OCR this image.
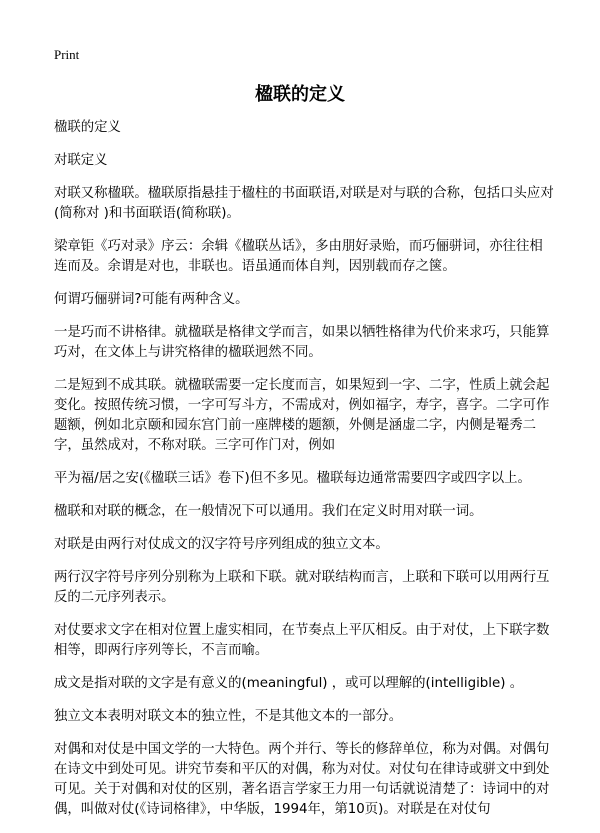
Print
楹联的定义

楹联的定义

对联定义

对联又称楹联。楹联原指悬挂于楹柱的书面联语,对联是对与联的合称，包括口头应对(简称对 )和书面联语(简称联)。

梁章钜《巧对录》序云：余辑《楹联丛话》，多由朋好录贻，而巧俪骈词，亦往往相连而及。余谓是对也，非联也。语虽通而体自判，因别载而存之箧。

何谓巧俪骈词?可能有两种含义。

一是巧而不讲格律。就楹联是格律文学而言，如果以牺牲格律为代价来求巧，只能算巧对，在文体上与讲究格律的楹联迥然不同。

二是短到不成其联。就楹联需要一定长度而言，如果短到一字、二字，性质上就会起变化。按照传统习惯，一字可写斗方，不需成对，例如福字，寿字，喜字。二字可作题额，例如北京颐和园东宫门前一座牌楼的题额，外侧是涵虚二字，内侧是罨秀二字，虽然成对，不称对联。三字可作门对，例如

平为福/居之安(《楹联三话》卷下)但不多见。楹联每边通常需要四字或四字以上。

楹联和对联的概念，在一般情况下可以通用。我们在定义时用对联一词。

对联是由两行对仗成文的汉字符号序列组成的独立文本。

两行汉字符号序列分别称为上联和下联。就对联结构而言，上联和下联可以用两行互反的二元序列表示。

对仗要求文字在相对位置上虚实相同，在节奏点上平仄相反。由于对仗，上下联字数相等，即两行序列等长，不言而喻。

成文是指对联的文字是有意义的(meaningful) ，或可以理解的(intelligible) 。

独立文本表明对联文本的独立性，不是其他文本的一部分。

对偶和对仗是中国文学的一大特色。两个并行、等长的修辞单位，称为对偶。对偶句在诗文中到处可见。讲究节奏和平仄的对偶，称为对仗。对仗句在律诗或骈文中到处可见。关于对偶和对仗的区别，著名语言学家王力用一句话就说清楚了：诗词中的对偶，叫做对仗(《诗词格律》，中华版，1994年，第10页)。对联是在对仗句
